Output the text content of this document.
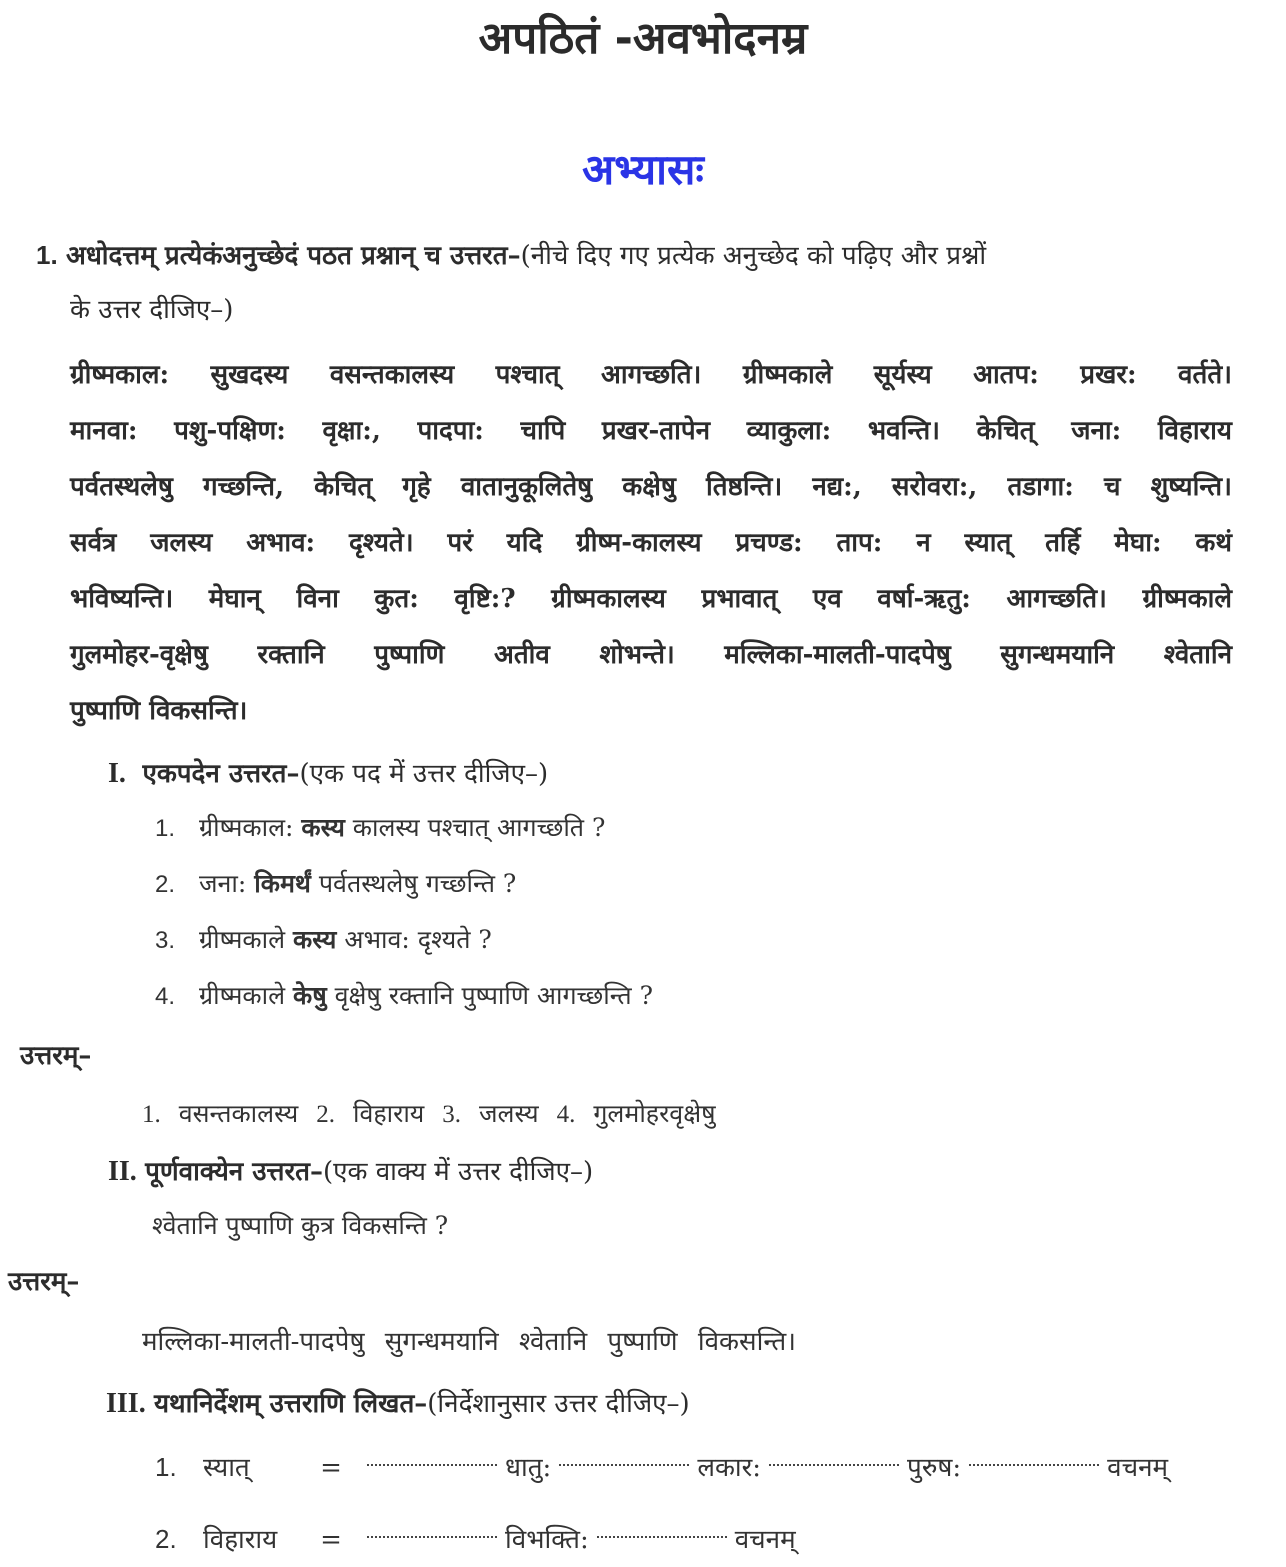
अपठितं -अवभोदनम्र
अभ्यासः
1. अधोदत्तम् प्रत्येकंअनुच्छेदं पठत प्रश्नान् च उत्तरत–(नीचे दिए गए प्रत्येक अनुच्छेद को पढ़िए और प्रश्नों
के उत्तर दीजिए–)
ग्रीष्मकाल: सुखदस्य वसन्तकालस्य पश्चात् आगच्छति। ग्रीष्मकाले सूर्यस्य आतप: प्रखर: वर्तते।
मानवा: पशु-पक्षिण: वृक्षा:, पादपा: चापि प्रखर-तापेन व्याकुला: भवन्ति। केचित् जना: विहाराय
पर्वतस्थलेषु गच्छन्ति, केचित् गृहे वातानुकूलितेषु कक्षेषु तिष्ठन्ति। नद्य:, सरोवरा:, तडागा: च शुष्यन्ति।
सर्वत्र जलस्य अभाव: दृश्यते। परं यदि ग्रीष्म-कालस्य प्रचण्ड: ताप: न स्यात् तर्हि मेघा: कथं
भविष्यन्ति। मेघान् विना कुत: वृष्टि:? ग्रीष्मकालस्य प्रभावात् एव वर्षा-ऋतु: आगच्छति। ग्रीष्मकाले
गुलमोहर-वृक्षेषु रक्तानि पुष्पाणि अतीव शोभन्ते। मल्लिका-मालती-पादपेषु सुगन्धमयानि श्वेतानि
पुष्पाणि विकसन्ति।
I. एकपदेन उत्तरत–(एक पद में उत्तर दीजिए–)
1. ग्रीष्मकाल: कस्य कालस्य पश्चात् आगच्छति ?
2. जना: किमर्थं पर्वतस्थलेषु गच्छन्ति ?
3. ग्रीष्मकाले कस्य अभाव: दृश्यते ?
4. ग्रीष्मकाले केषु वृक्षेषु रक्तानि पुष्पाणि आगच्छन्ति ?
उत्तरम्–
1. वसन्तकालस्य 2. विहाराय 3. जलस्य 4. गुलमोहरवृक्षेषु
II. पूर्णवाक्येन उत्तरत–(एक वाक्य में उत्तर दीजिए–)
श्वेतानि पुष्पाणि कुत्र विकसन्ति ?
उत्तरम्–
मल्लिका-मालती-पादपेषु सुगन्धमयानि श्वेतानि पुष्पाणि विकसन्ति।
III. यथानिर्देशम् उत्तराणि लिखत–(निर्देशानुसार उत्तर दीजिए–)
1. स्यात्	=	धातु:	लकार:	पुरुष:	वचनम्
2. विहाराय =	विभक्ति:	वचनम्
